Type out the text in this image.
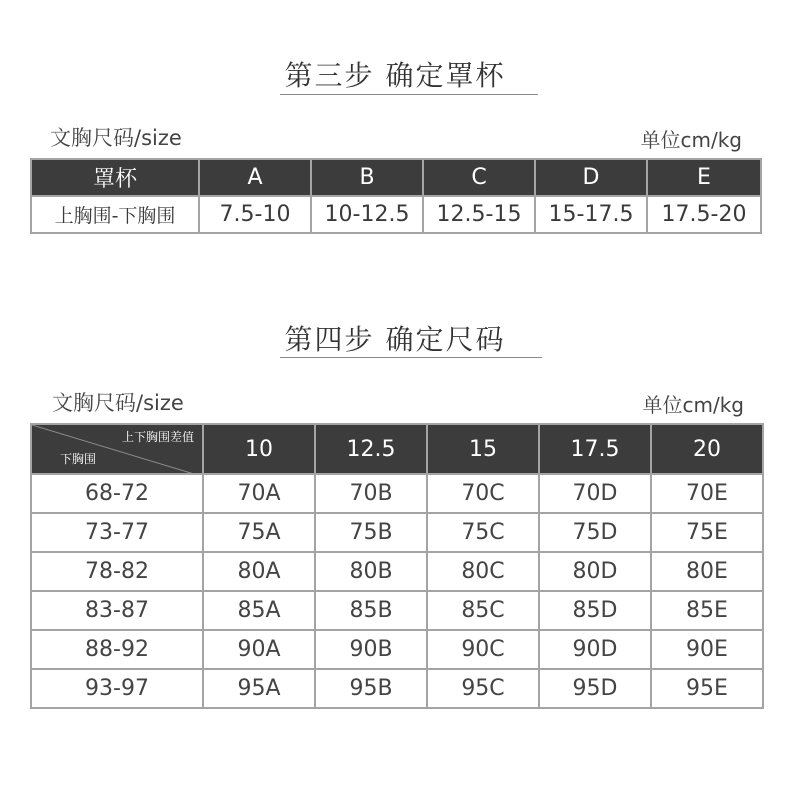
第三步 确定罩杯
文胸尺码/size	单位cm/kg
罩杯	A	B	C	D	E
上胸围-下胸围	7.5-10	10-12.5	12.5-15	15-17.5	17.5-20
第四步 确定尺码
文胸尺码/size	单位cm/kg
上下胸围差值
下胸围	10	12.5	15	17.5	20
68-72	70A	70B	70C	70D	70E
73-77	75A	75B	75C	75D	75E
78-82	80A	80B	80C	80D	80E
83-87	85A	85B	85C	85D	85E
88-92	90A	90B	90C	90D	90E
93-97	95A	95B	95C	95D	95E
